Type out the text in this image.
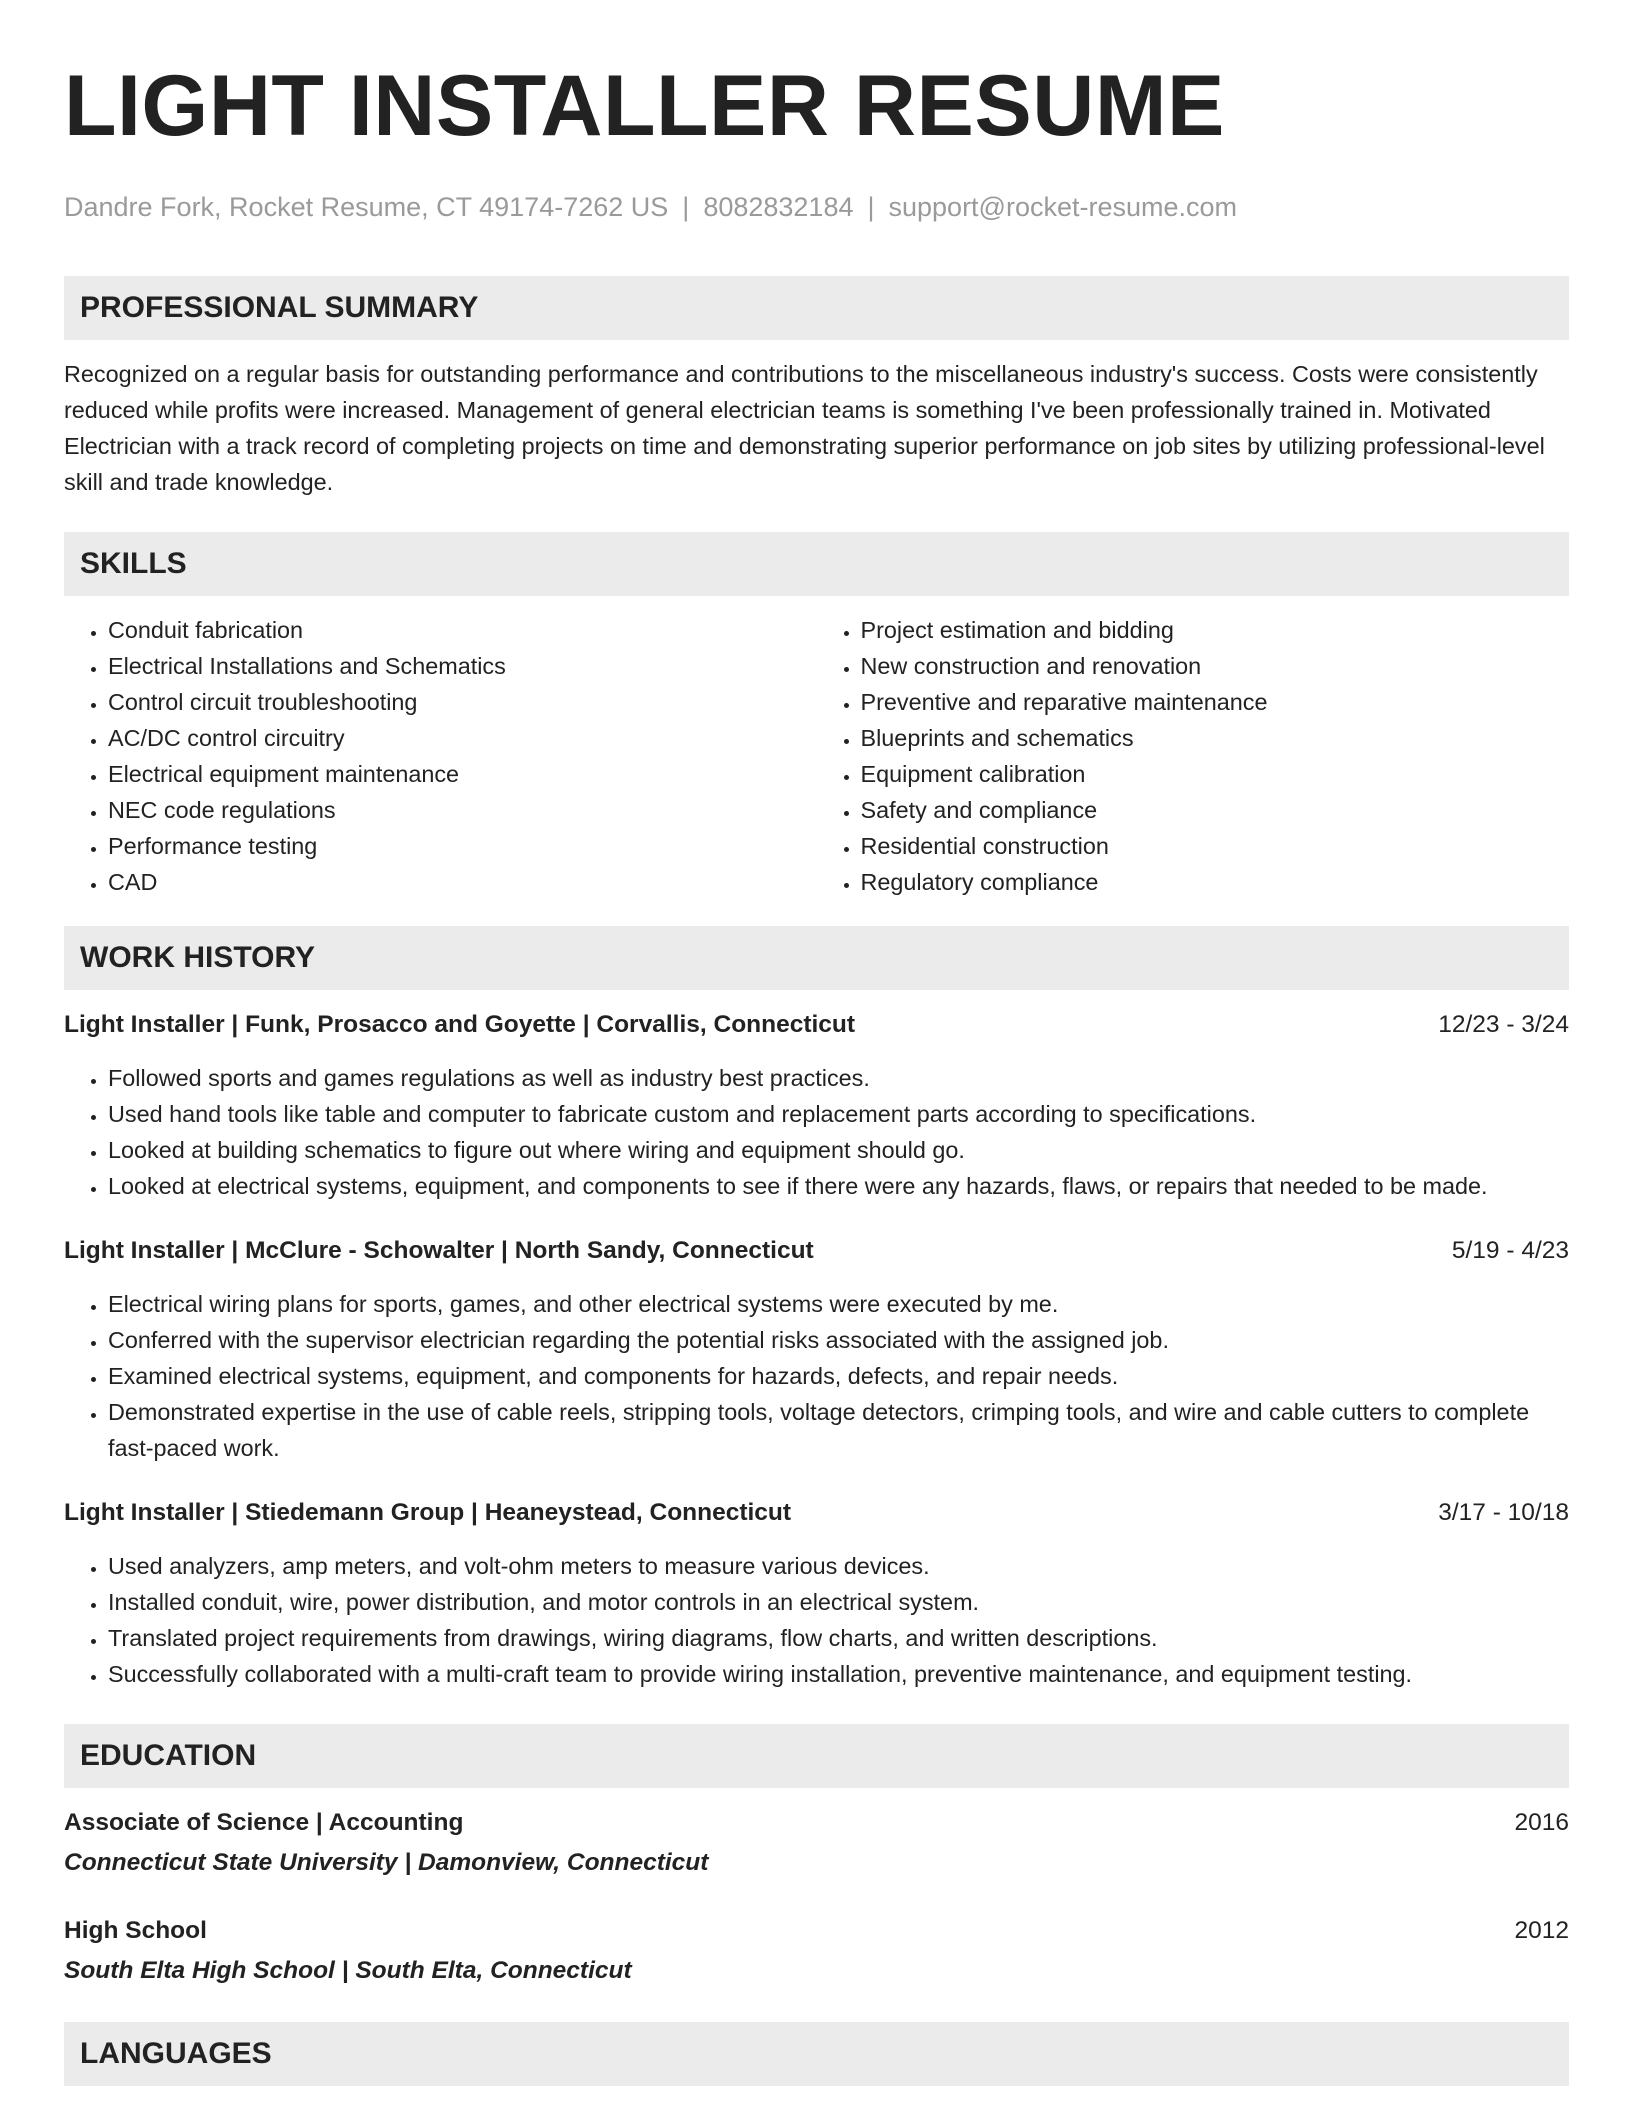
LIGHT INSTALLER RESUME
Dandre Fork, Rocket Resume, CT 49174-7262 US | 8082832184 | support@rocket-resume.com
PROFESSIONAL SUMMARY
Recognized on a regular basis for outstanding performance and contributions to the miscellaneous industry's success. Costs were consistently reduced while profits were increased. Management of general electrician teams is something I've been professionally trained in. Motivated Electrician with a track record of completing projects on time and demonstrating superior performance on job sites by utilizing professional-level skill and trade knowledge.
SKILLS
• Conduit fabrication
• Electrical Installations and Schematics
• Control circuit troubleshooting
• AC/DC control circuitry
• Electrical equipment maintenance
• NEC code regulations
• Performance testing
• CAD
• Project estimation and bidding
• New construction and renovation
• Preventive and reparative maintenance
• Blueprints and schematics
• Equipment calibration
• Safety and compliance
• Residential construction
• Regulatory compliance
WORK HISTORY
Light Installer | Funk, Prosacco and Goyette | Corvallis, Connecticut	12/23 - 3/24
• Followed sports and games regulations as well as industry best practices.
• Used hand tools like table and computer to fabricate custom and replacement parts according to specifications.
• Looked at building schematics to figure out where wiring and equipment should go.
• Looked at electrical systems, equipment, and components to see if there were any hazards, flaws, or repairs that needed to be made.
Light Installer | McClure - Schowalter | North Sandy, Connecticut	5/19 - 4/23
• Electrical wiring plans for sports, games, and other electrical systems were executed by me.
• Conferred with the supervisor electrician regarding the potential risks associated with the assigned job.
• Examined electrical systems, equipment, and components for hazards, defects, and repair needs.
• Demonstrated expertise in the use of cable reels, stripping tools, voltage detectors, crimping tools, and wire and cable cutters to complete fast-paced work.
Light Installer | Stiedemann Group | Heaneystead, Connecticut	3/17 - 10/18
• Used analyzers, amp meters, and volt-ohm meters to measure various devices.
• Installed conduit, wire, power distribution, and motor controls in an electrical system.
• Translated project requirements from drawings, wiring diagrams, flow charts, and written descriptions.
• Successfully collaborated with a multi-craft team to provide wiring installation, preventive maintenance, and equipment testing.
EDUCATION
Associate of Science | Accounting	2016
Connecticut State University | Damonview, Connecticut
High School	2012
South Elta High School | South Elta, Connecticut
LANGUAGES
